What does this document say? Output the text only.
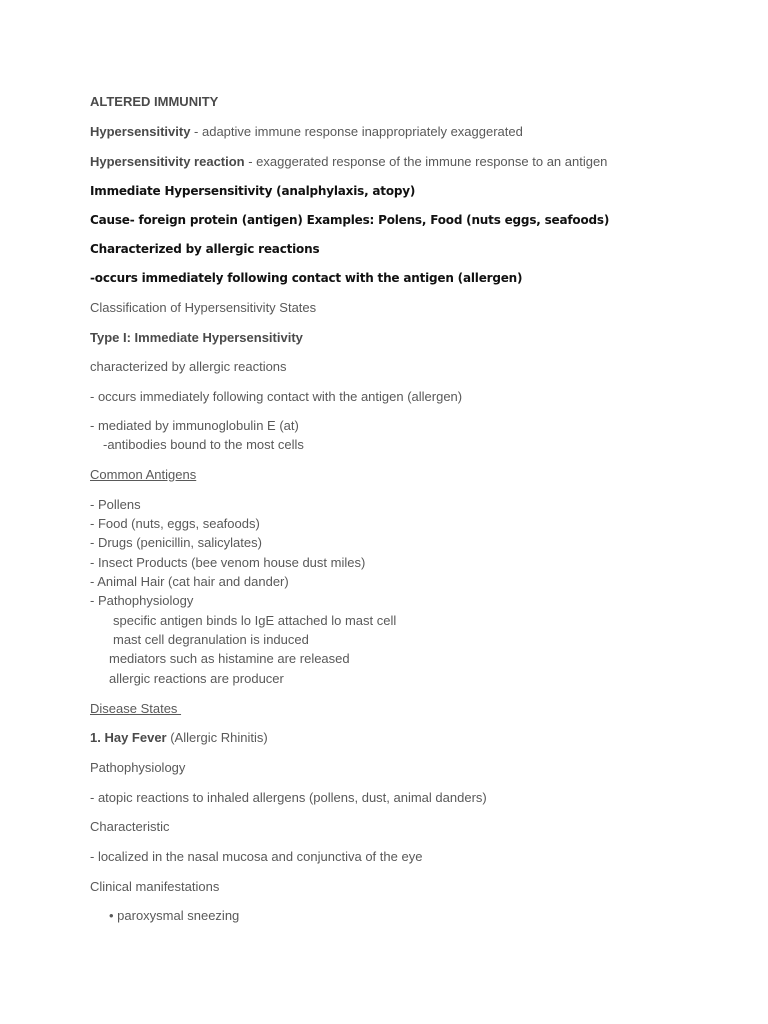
ALTERED IMMUNITY
Hypersensitivity - adaptive immune response inappropriately exaggerated
Hypersensitivity reaction - exaggerated response of the immune response to an antigen
Immediate Hypersensitivity (analphylaxis, atopy)
Cause- foreign protein (antigen) Examples: Polens, Food (nuts eggs, seafoods)
Characterized by allergic reactions
-occurs immediately following contact with the antigen (allergen)
Classification of Hypersensitivity States
Type I: Immediate Hypersensitivity
characterized by allergic reactions
- occurs immediately following contact with the antigen (allergen)
- mediated by immunoglobulin E (at)
-antibodies bound to the most cells
Common Antigens
- Pollens
- Food (nuts, eggs, seafoods)
- Drugs (penicillin, salicylates)
- Insect Products (bee venom house dust miles)
- Animal Hair (cat hair and dander)
- Pathophysiology
specific antigen binds lo IgE attached lo mast cell
mast cell degranulation is induced
mediators such as histamine are released
allergic reactions are producer
Disease States
1. Hay Fever (Allergic Rhinitis)
Pathophysiology
- atopic reactions to inhaled allergens (pollens, dust, animal danders)
Characteristic
- localized in the nasal mucosa and conjunctiva of the eye
Clinical manifestations
• paroxysmal sneezing
